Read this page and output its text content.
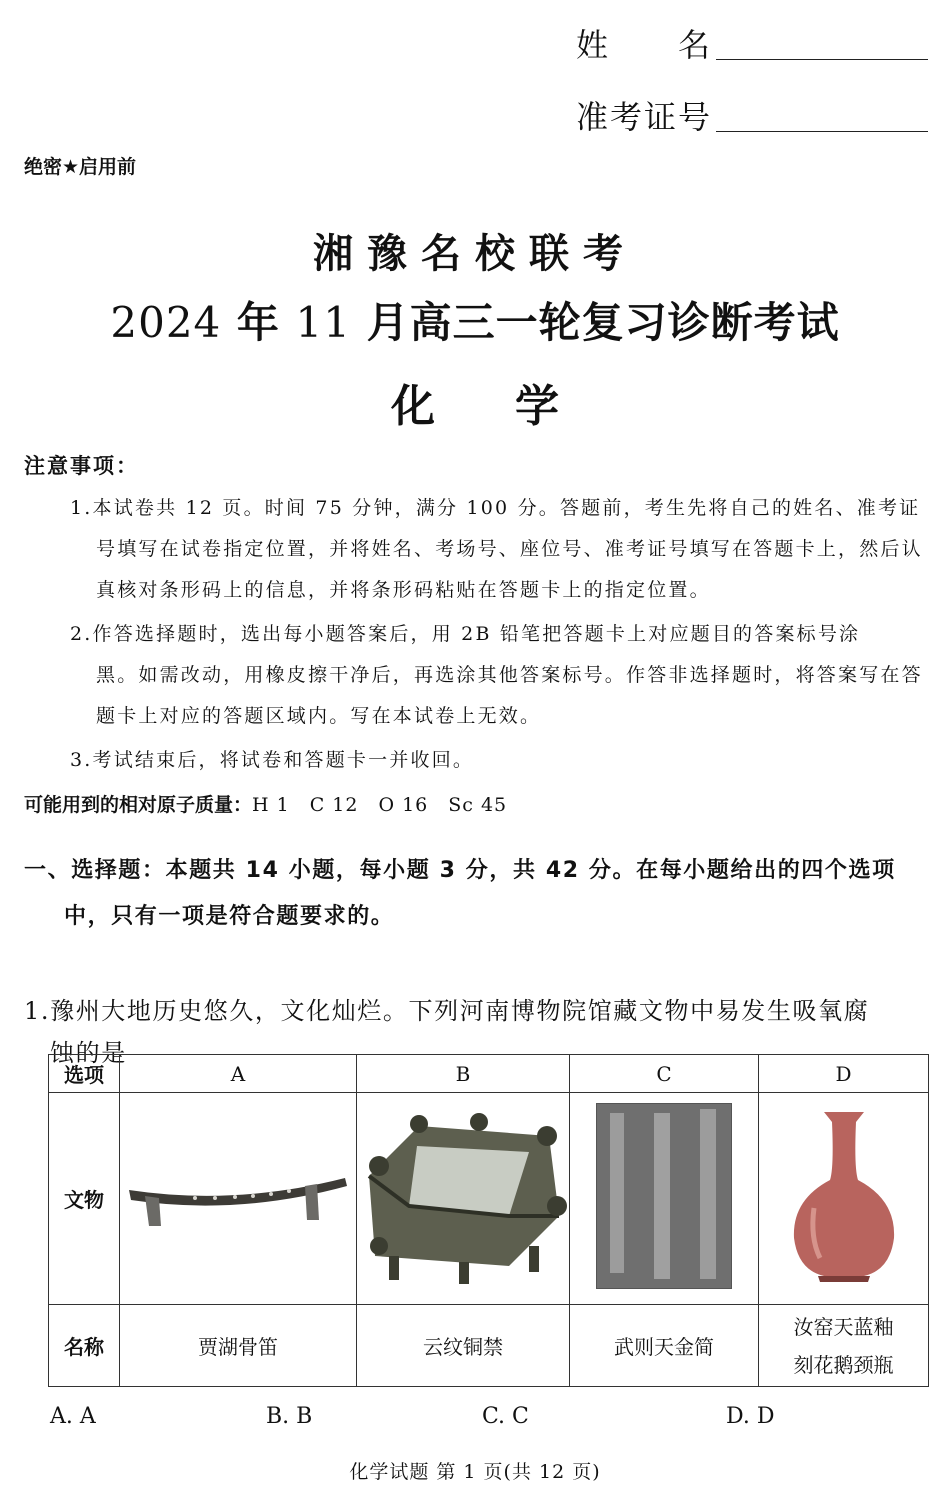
姓　　名
准考证号
绝密★启用前
湘豫名校联考
2024 年 11 月高三一轮复习诊断考试
化学
注意事项：
1.本试卷共 12 页。时间 75 分钟，满分 100 分。答题前，考生先将自己的姓名、准考证
号填写在试卷指定位置，并将姓名、考场号、座位号、准考证号填写在答题卡上，然后认真核对条形码上的信息，并将条形码粘贴在答题卡上的指定位置。
2.作答选择题时，选出每小题答案后，用 2B 铅笔把答题卡上对应题目的答案标号涂
黑。如需改动，用橡皮擦干净后，再选涂其他答案标号。作答非选择题时，将答案写在答题卡上对应的答题区域内。写在本试卷上无效。
3.考试结束后，将试卷和答题卡一并收回。
可能用到的相对原子质量：H 1　C 12　O 16　Sc 45
一、选择题：本题共 14 小题，每小题 3 分，共 42 分。在每小题给出的四个选项
中，只有一项是符合题要求的。
1.豫州大地历史悠久，文化灿烂。下列河南博物院馆藏文物中易发生吸氧腐
蚀的是
选项	A	B	C	D
文物				
名称	贾湖骨笛	云纹铜禁	武则天金简	汝窑天蓝釉
刻花鹅颈瓶
A. A	B. B	C. C	D. D
化学试题 第 1 页(共 12 页)
